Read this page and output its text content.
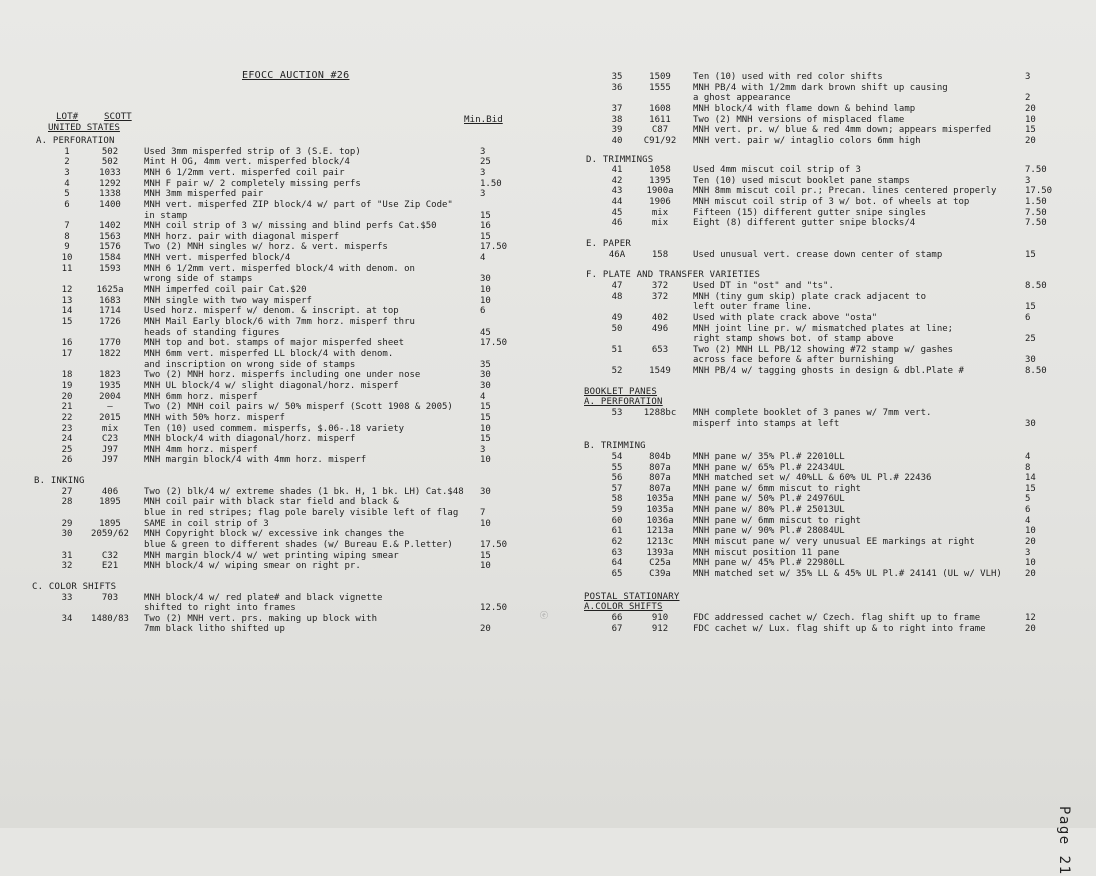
EFOCC AUCTION #26
LOT#	SCOTT	Min.Bid
UNITED STATES
A. PERFORATION
1	502	Used 3mm misperfed strip of 3 (S.E. top)	3
2	502	Mint H OG, 4mm vert. misperfed block/4	25
3	1033	MNH 6 1/2mm vert. misperfed coil pair	3
4	1292	MNH F pair w/ 2 completely missing perfs	1.50
5	1338	MNH 3mm misperfed pair	3
6	1400	MNH vert. misperfed ZIP block/4 w/ part of "Use Zip Code"
in stamp	15
7	1402	MNH coil strip of 3 w/ missing and blind perfs Cat.$50	16
8	1563	MNH horz. pair with diagonal misperf	15
9	1576	Two (2) MNH singles w/ horz. & vert. misperfs	17.50
10	1584	MNH vert. misperfed block/4	4
11	1593	MNH 6 1/2mm vert. misperfed block/4 with denom. on
wrong side of stamps	30
12	1625a	MNH imperfed coil pair Cat.$20	10
13	1683	MNH single with two way misperf	10
14	1714	Used horz. misperf w/ denom. & inscript. at top	6
15	1726	MNH Mail Early block/6 with 7mm horz. misperf thru
heads of standing figures	45
16	1770	MNH top and bot. stamps of major misperfed sheet	17.50
17	1822	MNH 6mm vert. misperfed LL block/4 with denom.
and inscription on wrong side of stamps	35
18	1823	Two (2) MNH horz. misperfs including one under nose	30
19	1935	MNH UL block/4 w/ slight diagonal/horz. misperf	30
20	2004	MNH 6mm horz. misperf	4
21	—	Two (2) MNH coil pairs w/ 50% misperf (Scott 1908 & 2005)	15
22	2015	MNH with 50% horz. misperf	15
23	mix	Ten (10) used commem. misperfs, $.06-.18 variety	10
24	C23	MNH block/4 with diagonal/horz. misperf	15
25	J97	MNH 4mm horz. misperf	3
26	J97	MNH margin block/4 with 4mm horz. misperf	10
B. INKING
27	406	Two (2) blk/4 w/ extreme shades (1 bk. H, 1 bk. LH) Cat.$48 30
28	1895	MNH coil pair with black star field and black &
blue in red stripes; flag pole barely visible left of flag 7
29	1895	SAME in coil strip of 3	10
30	2059/62	MNH Copyright block w/ excessive ink changes the
blue & green to different shades (w/ Bureau E.& P.letter)	17.50
31	C32	MNH margin block/4 w/ wet printing wiping smear	15
32	E21	MNH block/4 w/ wiping smear on right pr.	10
C. COLOR SHIFTS
33	703	MNH block/4 w/ red plate# and black vignette
shifted to right into frames	12.50
34	1480/83	Two (2) MNH vert. prs. making up block with
7mm black litho shifted up	20
35	1509	Ten (10) used with red color shifts	3
36	1555	MNH PB/4 with 1/2mm dark brown shift up causing
a ghost appearance	2
37	1608	MNH block/4 with flame down & behind lamp	20
38	1611	Two (2) MNH versions of misplaced flame	10
39	C87	MNH vert. pr. w/ blue & red 4mm down; appears misperfed	15
40	C91/92	MNH vert. pair w/ intaglio colors 6mm high	20
D. TRIMMINGS
41	1058	Used 4mm miscut coil strip of 3	7.50
42	1395	Ten (10) used miscut booklet pane stamps	3
43	1900a	MNH 8mm miscut coil pr.; Precan. lines centered properly	17.50
44	1906	MNH miscut coil strip of 3 w/ bot. of wheels at top	1.50
45	mix	Fifteen (15) different gutter snipe singles	7.50
46	mix	Eight (8) different gutter snipe blocks/4	7.50
E. PAPER
46A	158	Used unusual vert. crease down center of stamp	15
F. PLATE AND TRANSFER VARIETIES
47	372	Used DT in "ost" and "ts".	8.50
48	372	MNH (tiny gum skip) plate crack adjacent to
left outer frame line.	15
49	402	Used with plate crack above "osta"	6
50	496	MNH joint line pr. w/ mismatched plates at line;
right stamp shows bot. of stamp above	25
51	653	Two (2) MNH LL PB/12 showing #72 stamp w/ gashes
across face before & after burnishing	30
52	1549	MNH PB/4 w/ tagging ghosts in design & dbl.Plate #	8.50
BOOKLET PANES
A. PERFORATION
53	1288bc	MNH complete booklet of 3 panes w/ 7mm vert.
misperf into stamps at left	30
B. TRIMMING
54	804b	MNH pane w/ 35% Pl.# 22010LL	4
55	807a	MNH pane w/ 65% Pl.# 22434UL	8
56	807a	MNH matched set w/ 40%LL & 60% UL Pl.# 22436	14
57	807a	MNH pane w/ 6mm miscut to right	15
58	1035a	MNH pane w/ 50% Pl.# 24976UL	5
59	1035a	MNH pane w/ 80% Pl.# 25013UL	6
60	1036a	MNH pane w/ 6mm miscut to right	4
61	1213a	MNH pane w/ 90% Pl.# 28084UL	10
62	1213c	MNH miscut pane w/ very unusual EE markings at right	20
63	1393a	MNH miscut position 11 pane	3
64	C25a	MNH pane w/ 45% Pl.# 22980LL	10
65	C39a	MNH matched set w/ 35% LL & 45% UL Pl.# 24141 (UL w/ VLH)	20
POSTAL STATIONARY
A.COLOR SHIFTS
66	910	FDC addressed cachet w/ Czech. flag shift up to frame	12
67	912	FDC cachet w/ Lux. flag shift up & to right into frame	20
ⓔ
Page 21
